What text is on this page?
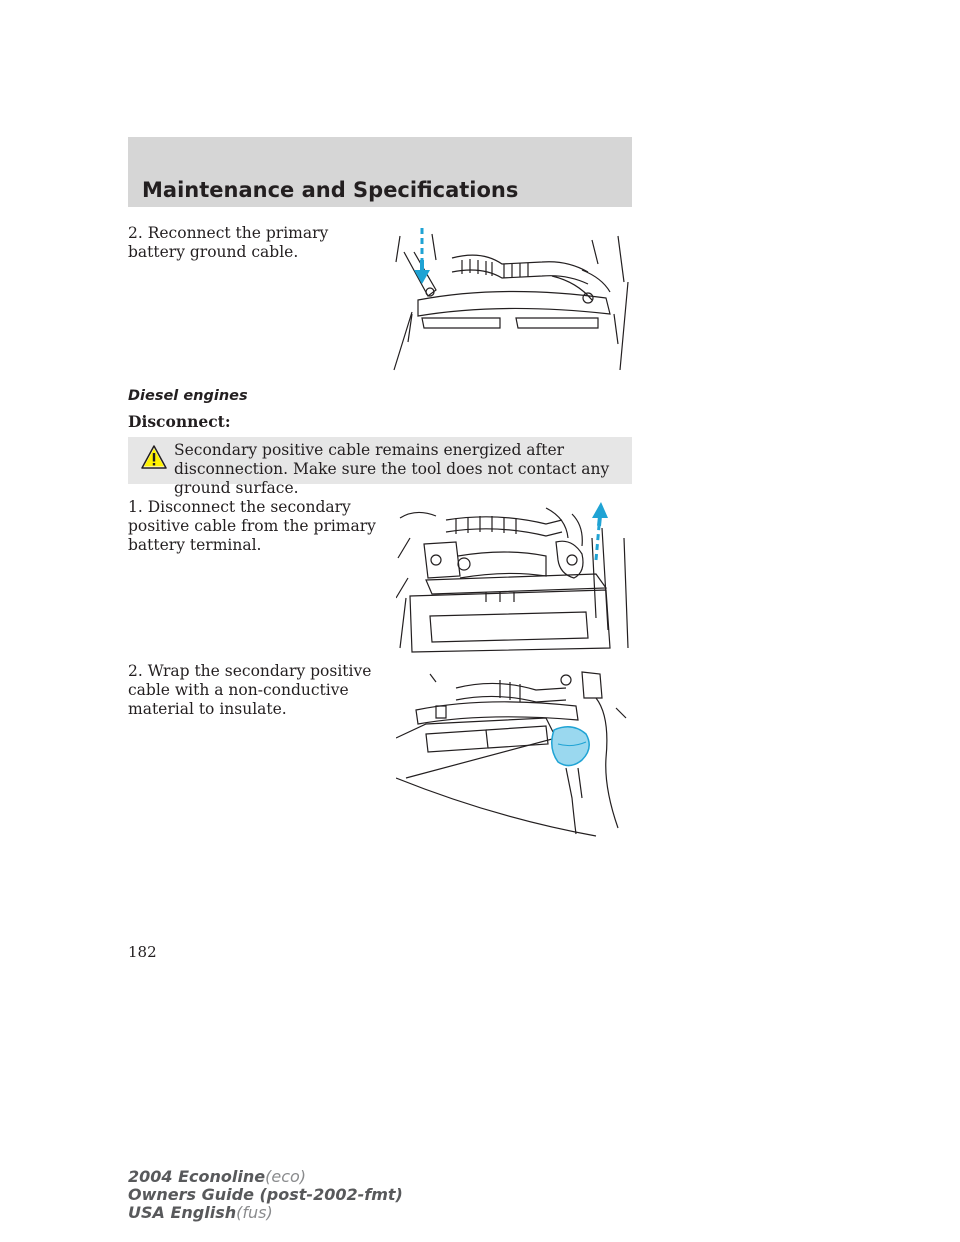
Maintenance and Specifications

2. Reconnect the primary battery ground cable.

Diesel engines

Disconnect:

Secondary positive cable remains energized after disconnection. Make sure the tool does not contact any ground surface.

1. Disconnect the secondary positive cable from the primary battery terminal.

2. Wrap the secondary positive cable with a non-conductive material to insulate.

182

2004 Econoline(eco)
Owners Guide (post-2002-fmt)
USA English(fus)
